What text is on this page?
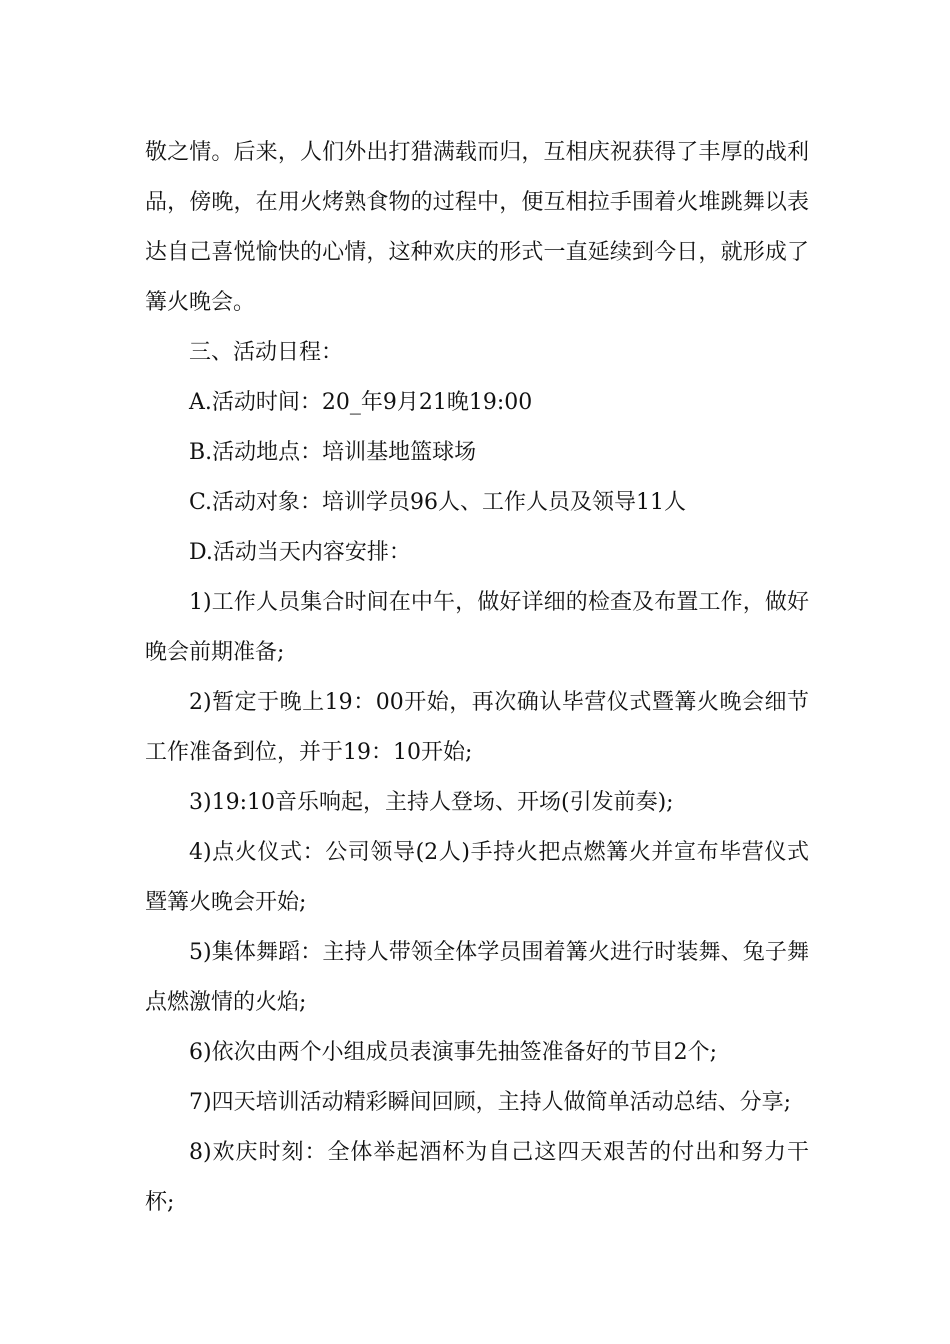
敬之情。后来，人们外出打猎满载而归，互相庆祝获得了丰厚的战利品，傍晚，在用火烤熟食物的过程中，便互相拉手围着火堆跳舞以表达自己喜悦愉快的心情，这种欢庆的形式一直延续到今日，就形成了篝火晚会。

三、活动日程：

A.活动时间：20_年9月21晚19:00

B.活动地点：培训基地篮球场

C.活动对象：培训学员96人、工作人员及领导11人

D.活动当天内容安排：

1)工作人员集合时间在中午，做好详细的检查及布置工作，做好晚会前期准备;

2)暂定于晚上19：00开始，再次确认毕营仪式暨篝火晚会细节工作准备到位，并于19：10开始;

3)19:10音乐响起，主持人登场、开场(引发前奏);

4)点火仪式：公司领导(2人)手持火把点燃篝火并宣布毕营仪式暨篝火晚会开始;

5)集体舞蹈：主持人带领全体学员围着篝火进行时装舞、兔子舞点燃激情的火焰;

6)依次由两个小组成员表演事先抽签准备好的节目2个;

7)四天培训活动精彩瞬间回顾，主持人做简单活动总结、分享;

8)欢庆时刻：全体举起酒杯为自己这四天艰苦的付出和努力干杯;
